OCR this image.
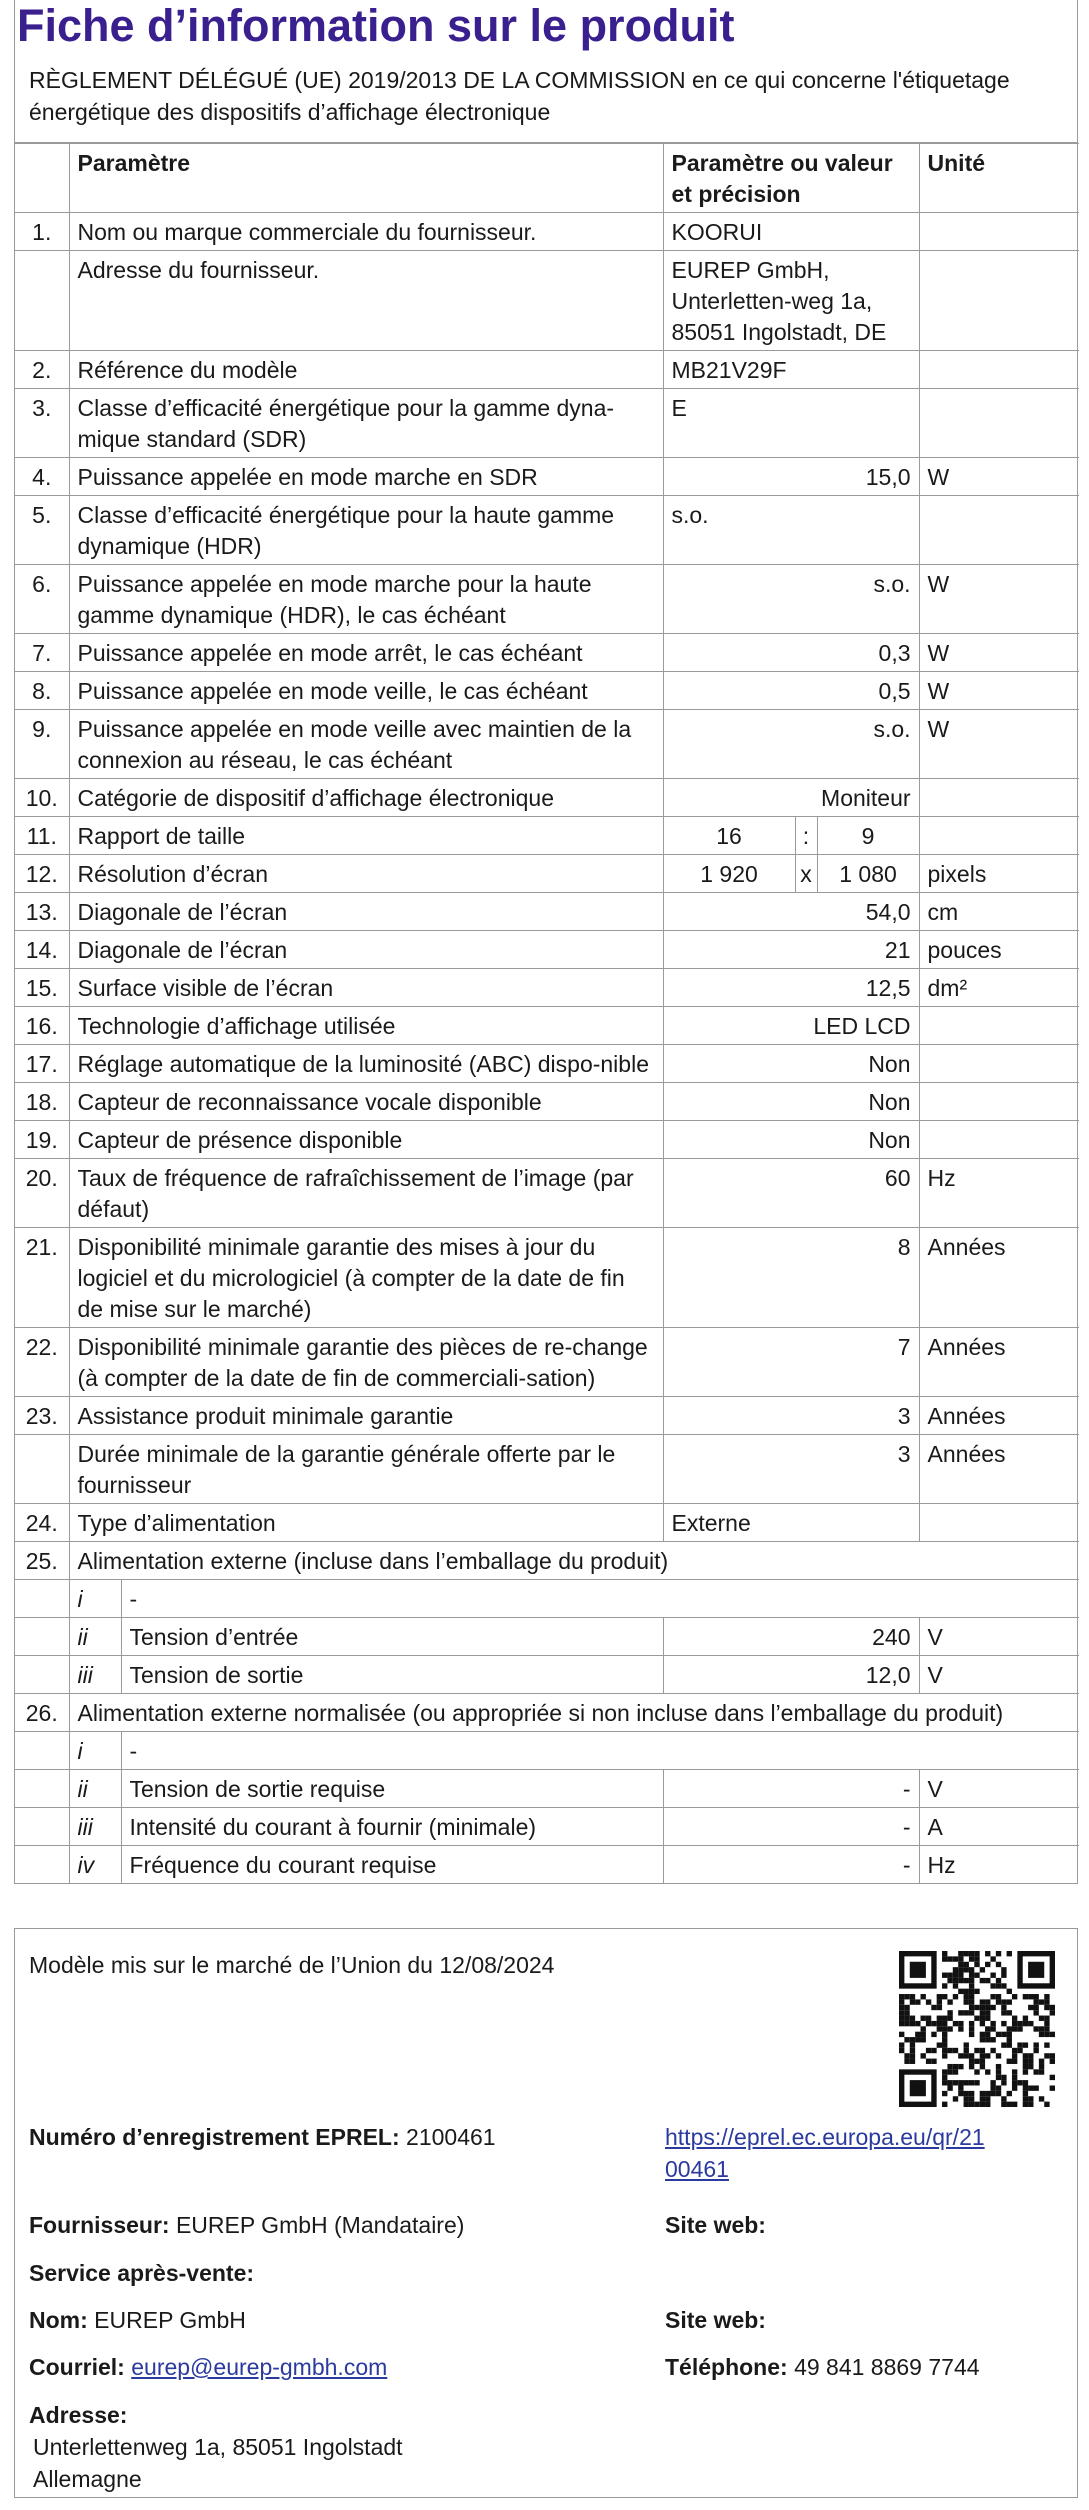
Fiche d’information sur le produit
RÈGLEMENT DÉLÉGUÉ (UE) 2019/2013 DE LA COMMISSION en ce qui concerne l'étiquetage énergétique des dispositifs d’affichage électronique
	Paramètre		Paramètre ou valeur et précision			Unité
1.	Nom ou marque commerciale du fournisseur.		KOORUI			
	Adresse du fournisseur.		EUREP GmbH, Unterletten-weg 1a, 85051 Ingolstadt, DE			
2.	Référence du modèle		MB21V29F			
3.	Classe d’efficacité énergétique pour la gamme dyna-mique standard (SDR)		E			
4.	Puissance appelée en mode marche en SDR		15,0			W
5.	Classe d’efficacité énergétique pour la haute gamme dynamique (HDR)		s.o.			
6.	Puissance appelée en mode marche pour la haute gamme dynamique (HDR), le cas échéant		s.o.			W
7.	Puissance appelée en mode arrêt, le cas échéant		0,3			W
8.	Puissance appelée en mode veille, le cas échéant		0,5			W
9.	Puissance appelée en mode veille avec maintien de la connexion au réseau, le cas échéant		s.o.			W
10.	Catégorie de dispositif d’affichage électronique		Moniteur			
11.	Rapport de taille		16	:	9	
12.	Résolution d’écran		1 920	x	1 080	pixels
13.	Diagonale de l’écran		54,0			cm
14.	Diagonale de l’écran		21			pouces
15.	Surface visible de l’écran		12,5			dm²
16.	Technologie d’affichage utilisée		LED LCD			
17.	Réglage automatique de la luminosité (ABC) dispo-nible		Non			
18.	Capteur de reconnaissance vocale disponible		Non			
19.	Capteur de présence disponible		Non			
20.	Taux de fréquence de rafraîchissement de l’image (par défaut)		60			Hz
21.	Disponibilité minimale garantie des mises à jour du logiciel et du micrologiciel (à compter de la date de fin de mise sur le marché)		8			Années
22.	Disponibilité minimale garantie des pièces de re-change (à compter de la date de fin de commerciali-sation)		7			Années
23.	Assistance produit minimale garantie		3			Années
	Durée minimale de la garantie générale offerte par le fournisseur		3			Années
24.	Type d’alimentation		Externe			
25.	Alimentation externe (incluse dans l’emballage du produit)					
	i	-				
	ii	Tension d’entrée	240			V
	iii	Tension de sortie	12,0			V
26.	Alimentation externe normalisée (ou appropriée si non incluse dans l’emballage du produit)					
	i	-				
	ii	Tension de sortie requise	-			V
	iii	Intensité du courant à fournir (minimale)	-			A
	iv	Fréquence du courant requise	-			Hz
Modèle mis sur le marché de l’Union du 12/08/2024
Numéro d’enregistrement EPREL: 2100461	https://eprel.ec.europa.eu/qr/21
00461
Fournisseur: EUREP GmbH (Mandataire)	Site web:
Service après-vente:
Nom: EUREP GmbH	Site web:
Courriel: eurep@eurep-gmbh.com	Téléphone: 49 841 8869 7744
Adresse:
Unterlettenweg 1a, 85051 Ingolstadt
Allemagne
